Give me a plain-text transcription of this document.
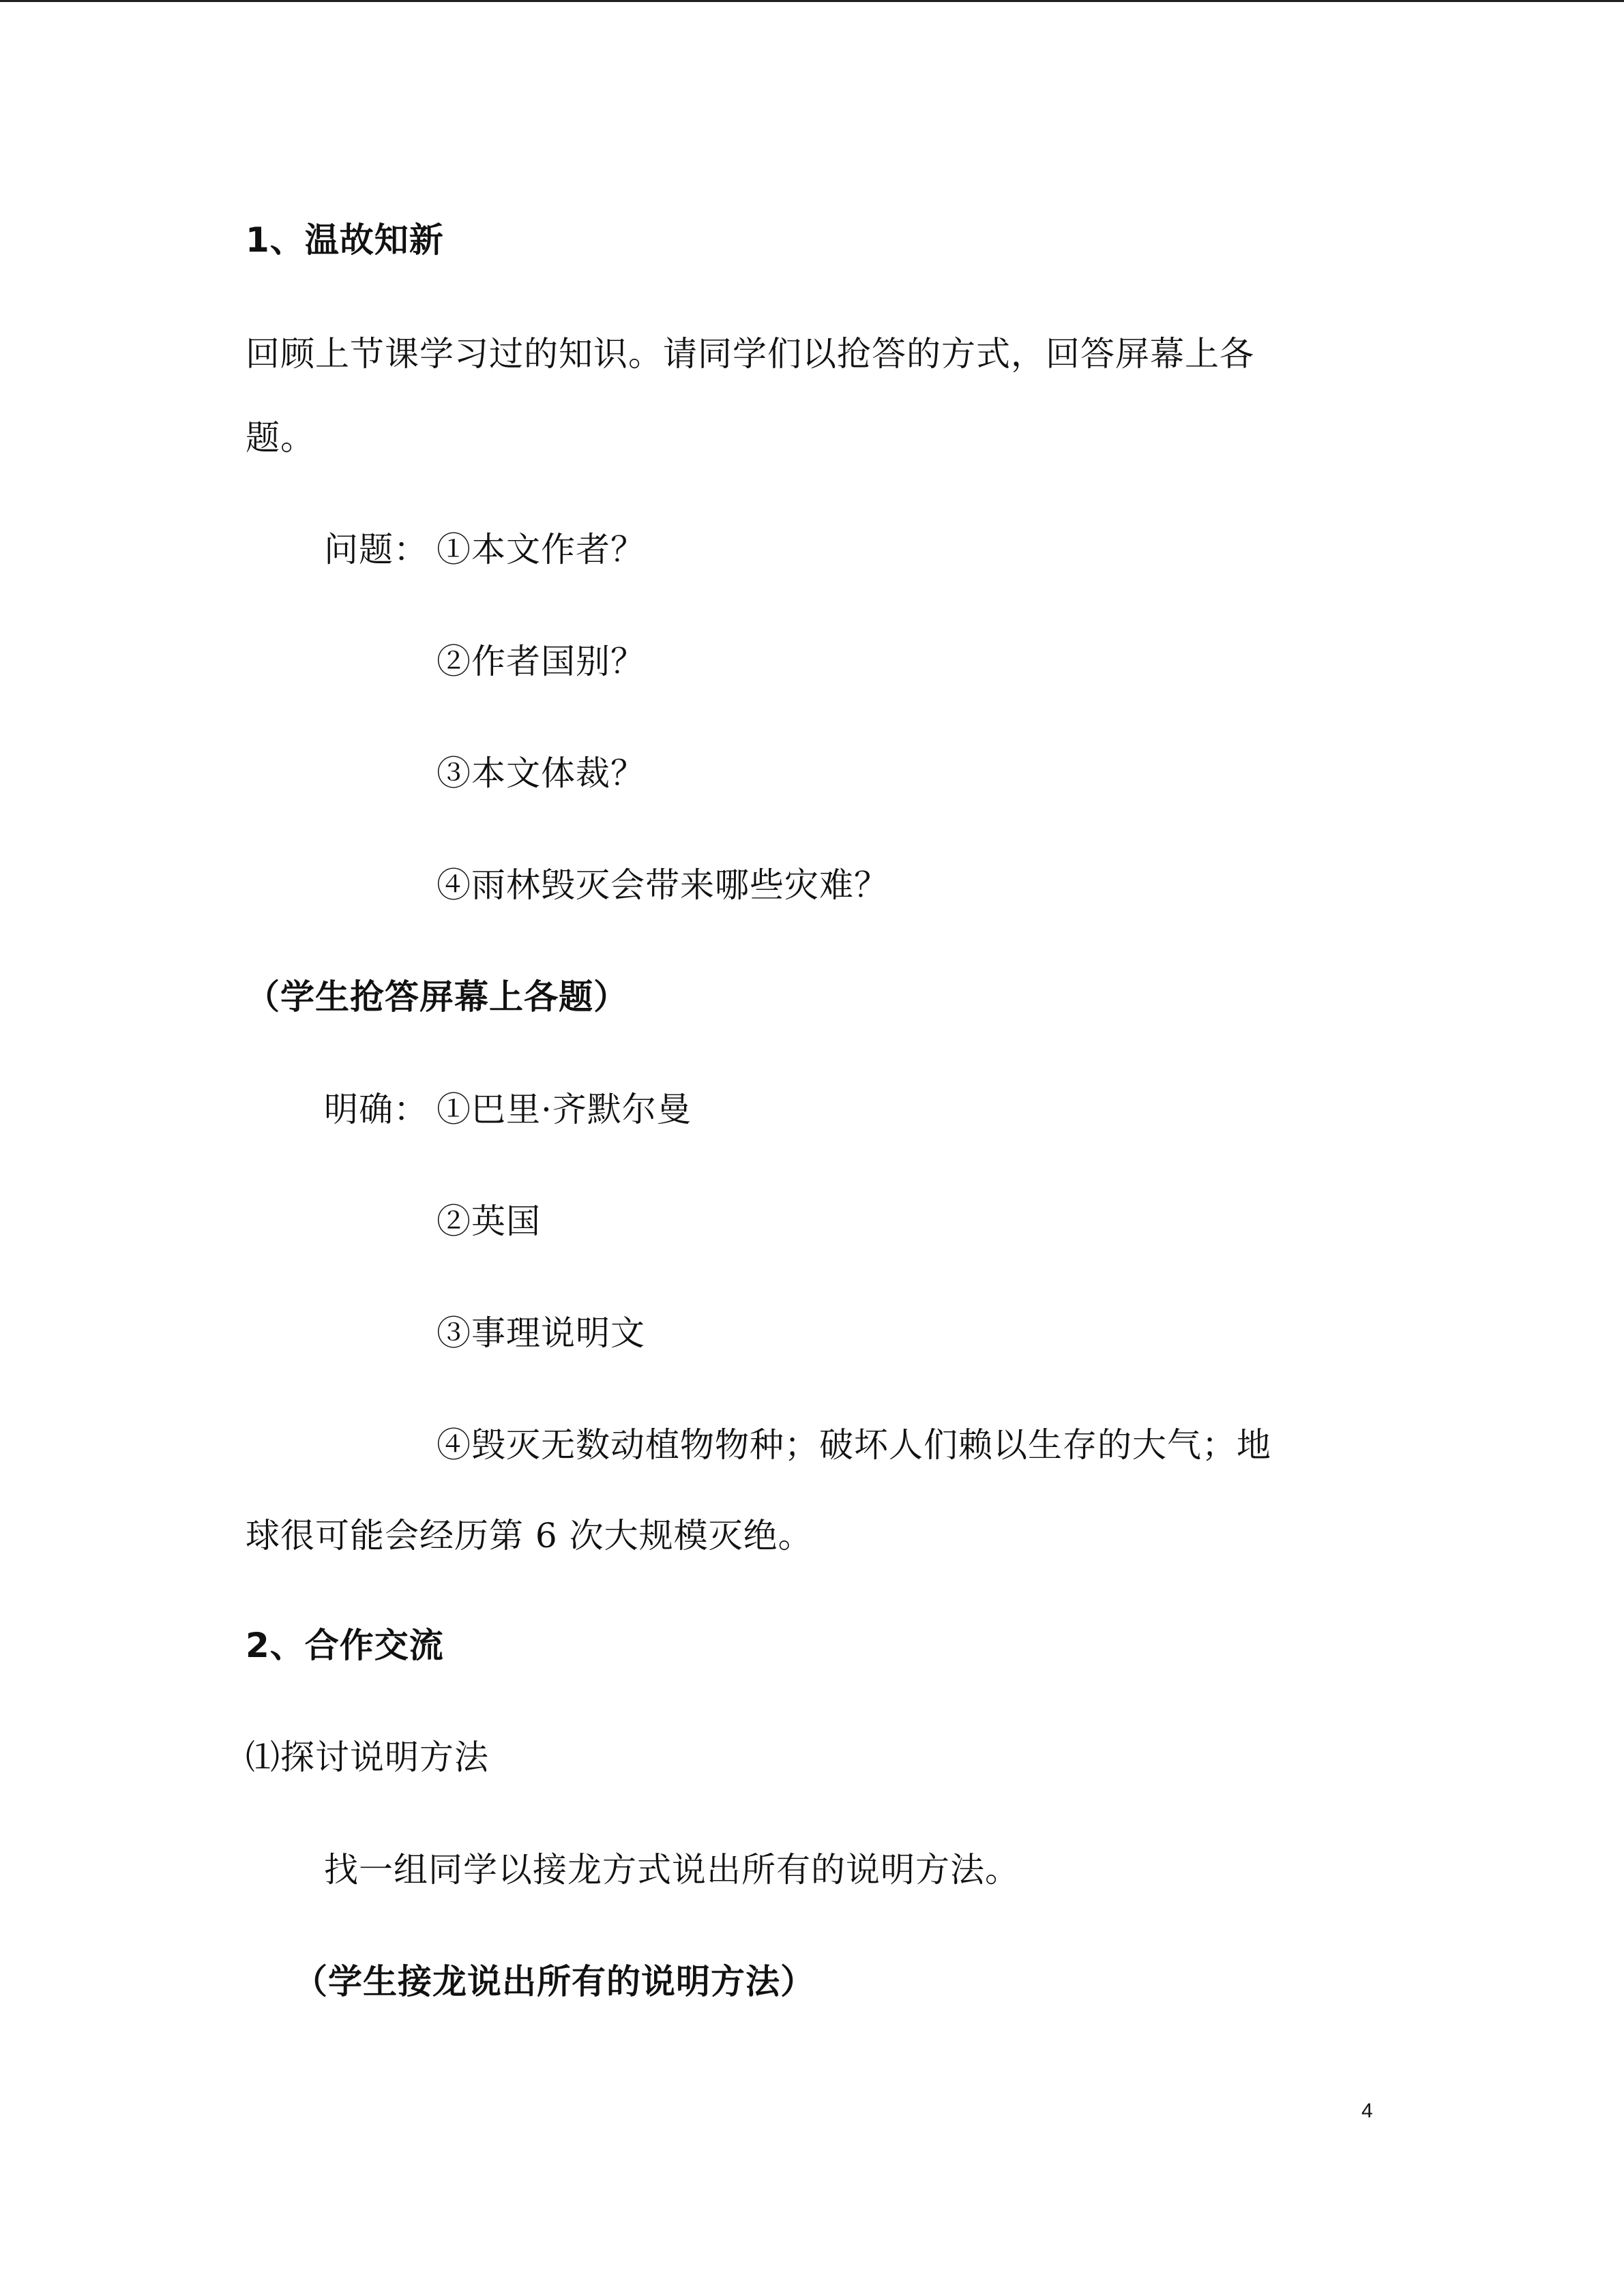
1、温故知新
回顾上节课学习过的知识。请同学们以抢答的方式，回答屏幕上各
题。
问题： ①本文作者？
②作者国别？
③本文体裁？
④雨林毁灭会带来哪些灾难？
（学生抢答屏幕上各题）
明确： ①巴里·齐默尔曼
②英国
③事理说明文
④毁灭无数动植物物种；破坏人们赖以生存的大气；地
球很可能会经历第 6 次大规模灭绝。
2、合作交流
⑴探讨说明方法
找一组同学以接龙方式说出所有的说明方法。
（学生接龙说出所有的说明方法）
4
